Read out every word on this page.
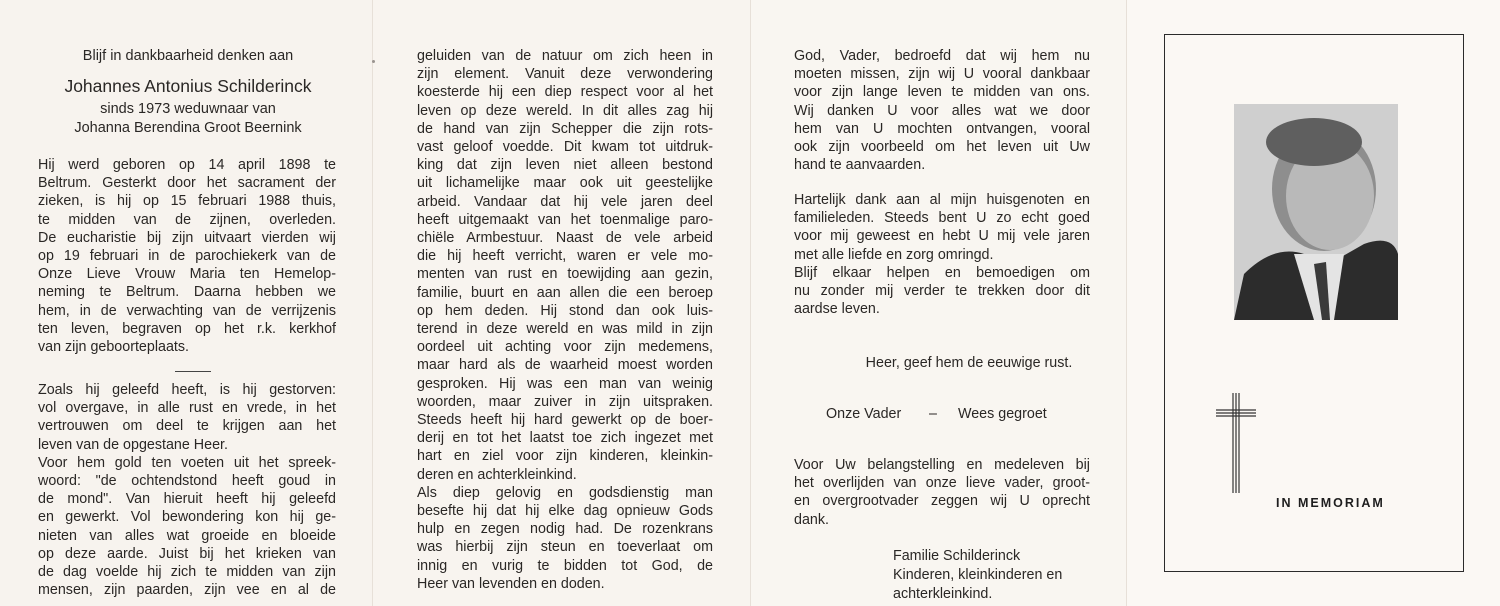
Blijf in dankbaarheid denken aan
Johannes Antonius Schilderinck
sinds 1973 weduwnaar van
Johanna Berendina Groot Beernink
Hij werd geboren op 14 april 1898 te
Beltrum. Gesterkt door het sacrament der
zieken, is hij op 15 februari 1988 thuis,
te midden van de zijnen, overleden.
De eucharistie bij zijn uitvaart vierden wij
op 19 februari in de parochiekerk van de
Onze Lieve Vrouw Maria ten Hemelop-
neming te Beltrum. Daarna hebben we
hem, in de verwachting van de verrijzenis
ten leven, begraven op het r.k. kerkhof
van zijn geboorteplaats.
Zoals hij geleefd heeft, is hij gestorven:
vol overgave, in alle rust en vrede, in het
vertrouwen om deel te krijgen aan het
leven van de opgestane Heer.
Voor hem gold ten voeten uit het spreek-
woord: "de ochtendstond heeft goud in
de mond". Van hieruit heeft hij geleefd
en gewerkt. Vol bewondering kon hij ge-
nieten van alles wat groeide en bloeide
op deze aarde. Juist bij het krieken van
de dag voelde hij zich te midden van zijn
mensen, zijn paarden, zijn vee en al de
geluiden van de natuur om zich heen in
zijn element. Vanuit deze verwondering
koesterde hij een diep respect voor al het
leven op deze wereld. In dit alles zag hij
de hand van zijn Schepper die zijn rots-
vast geloof voedde. Dit kwam tot uitdruk-
king dat zijn leven niet alleen bestond
uit lichamelijke maar ook uit geestelijke
arbeid. Vandaar dat hij vele jaren deel
heeft uitgemaakt van het toenmalige paro-
chiële Armbestuur. Naast de vele arbeid
die hij heeft verricht, waren er vele mo-
menten van rust en toewijding aan gezin,
familie, buurt en aan allen die een beroep
op hem deden. Hij stond dan ook luis-
terend in deze wereld en was mild in zijn
oordeel uit achting voor zijn medemens,
maar hard als de waarheid moest worden
gesproken. Hij was een man van weinig
woorden, maar zuiver in zijn uitspraken.
Steeds heeft hij hard gewerkt op de boer-
derij en tot het laatst toe zich ingezet met
hart en ziel voor zijn kinderen, kleinkin-
deren en achterkleinkind.
Als diep gelovig en godsdienstig man
besefte hij dat hij elke dag opnieuw Gods
hulp en zegen nodig had. De rozenkrans
was hierbij zijn steun en toeverlaat om
innig en vurig te bidden tot God, de
Heer van levenden en doden.
God, Vader, bedroefd dat wij hem nu
moeten missen, zijn wij U vooral dankbaar
voor zijn lange leven te midden van ons.
Wij danken U voor alles wat we door
hem van U mochten ontvangen, vooral
ook zijn voorbeeld om het leven uit Uw
hand te aanvaarden.
Hartelijk dank aan al mijn huisgenoten en
familieleden. Steeds bent U zo echt goed
voor mij geweest en hebt U mij vele jaren
met alle liefde en zorg omringd.
Blijf elkaar helpen en bemoedigen om
nu zonder mij verder te trekken door dit
aardse leven.
Heer, geef hem de eeuwige rust.
Onze Vader – Wees gegroet
Voor Uw belangstelling en medeleven bij
het overlijden van onze lieve vader, groot-
en overgrootvader zeggen wij U oprecht
dank.
Familie Schilderinck
Kinderen, kleinkinderen en
achterkleinkind.
IN MEMORIAM
